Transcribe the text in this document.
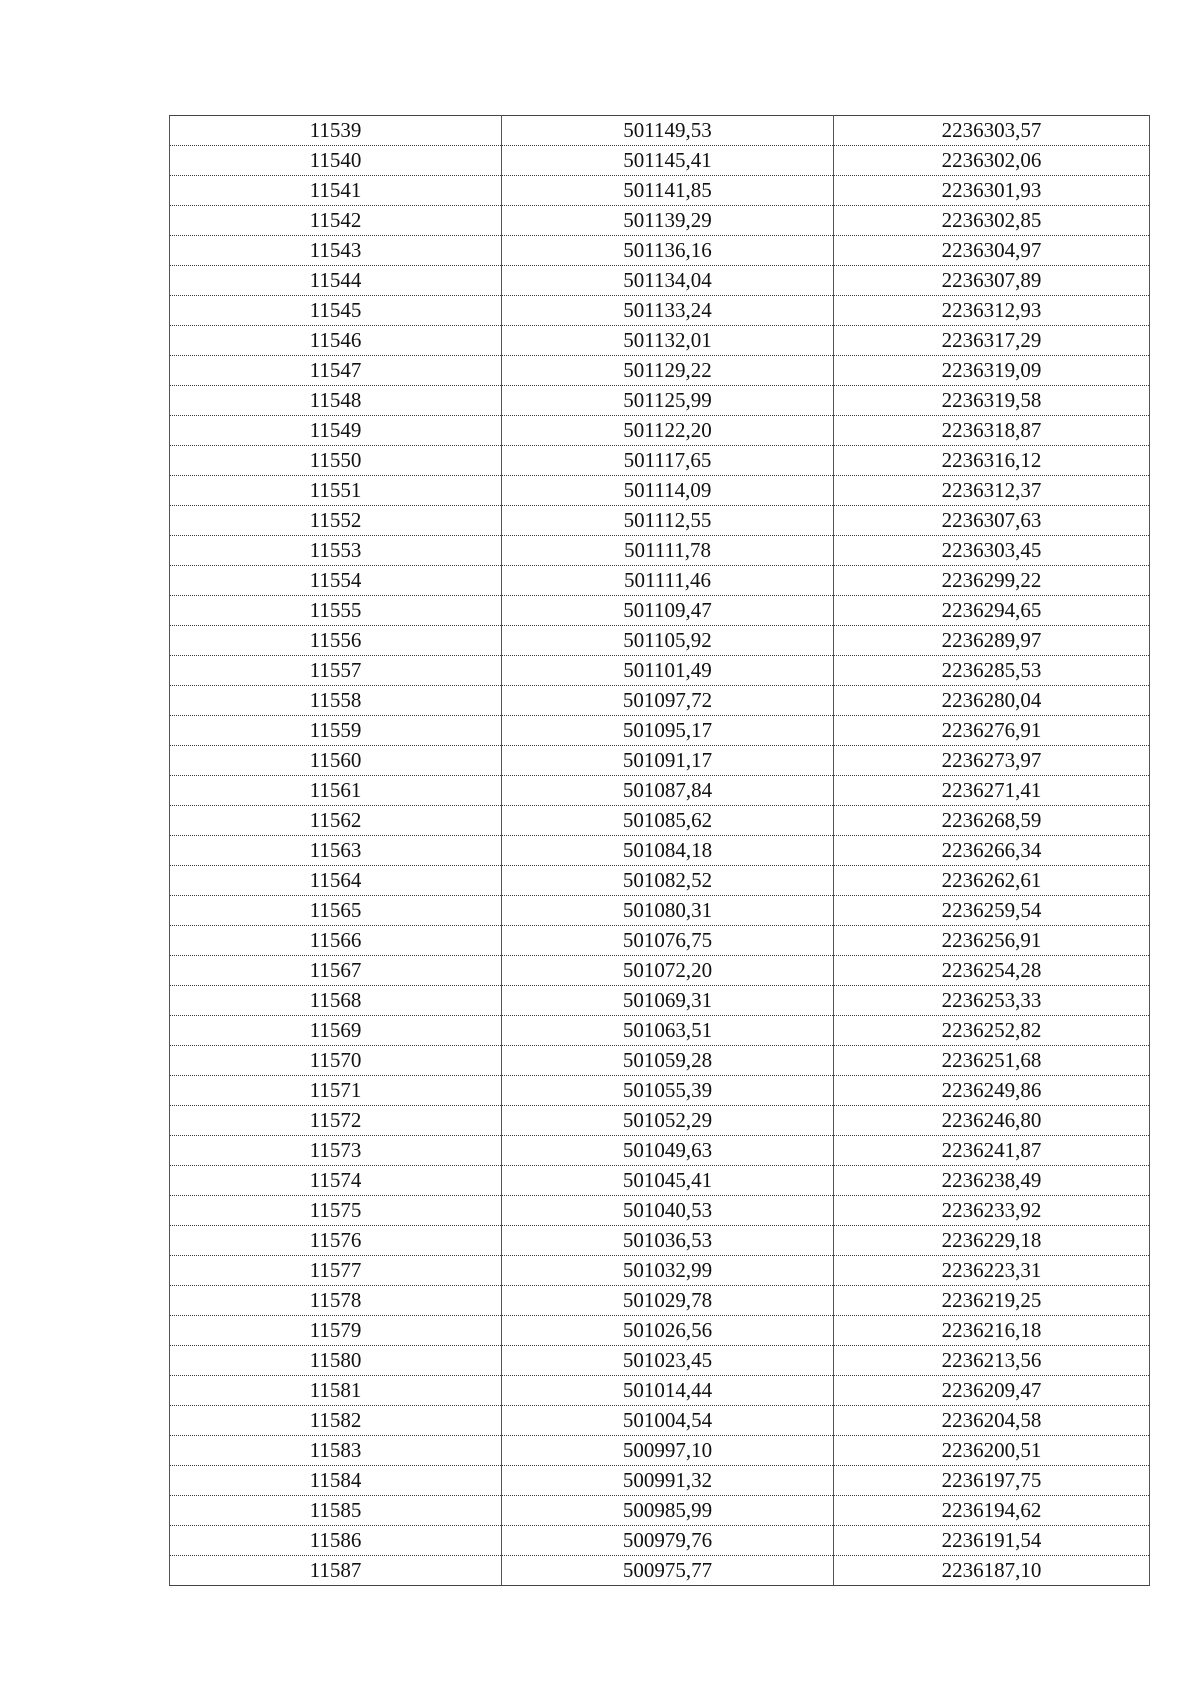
11539	501149,53	2236303,57
11540	501145,41	2236302,06
11541	501141,85	2236301,93
11542	501139,29	2236302,85
11543	501136,16	2236304,97
11544	501134,04	2236307,89
11545	501133,24	2236312,93
11546	501132,01	2236317,29
11547	501129,22	2236319,09
11548	501125,99	2236319,58
11549	501122,20	2236318,87
11550	501117,65	2236316,12
11551	501114,09	2236312,37
11552	501112,55	2236307,63
11553	501111,78	2236303,45
11554	501111,46	2236299,22
11555	501109,47	2236294,65
11556	501105,92	2236289,97
11557	501101,49	2236285,53
11558	501097,72	2236280,04
11559	501095,17	2236276,91
11560	501091,17	2236273,97
11561	501087,84	2236271,41
11562	501085,62	2236268,59
11563	501084,18	2236266,34
11564	501082,52	2236262,61
11565	501080,31	2236259,54
11566	501076,75	2236256,91
11567	501072,20	2236254,28
11568	501069,31	2236253,33
11569	501063,51	2236252,82
11570	501059,28	2236251,68
11571	501055,39	2236249,86
11572	501052,29	2236246,80
11573	501049,63	2236241,87
11574	501045,41	2236238,49
11575	501040,53	2236233,92
11576	501036,53	2236229,18
11577	501032,99	2236223,31
11578	501029,78	2236219,25
11579	501026,56	2236216,18
11580	501023,45	2236213,56
11581	501014,44	2236209,47
11582	501004,54	2236204,58
11583	500997,10	2236200,51
11584	500991,32	2236197,75
11585	500985,99	2236194,62
11586	500979,76	2236191,54
11587	500975,77	2236187,10
